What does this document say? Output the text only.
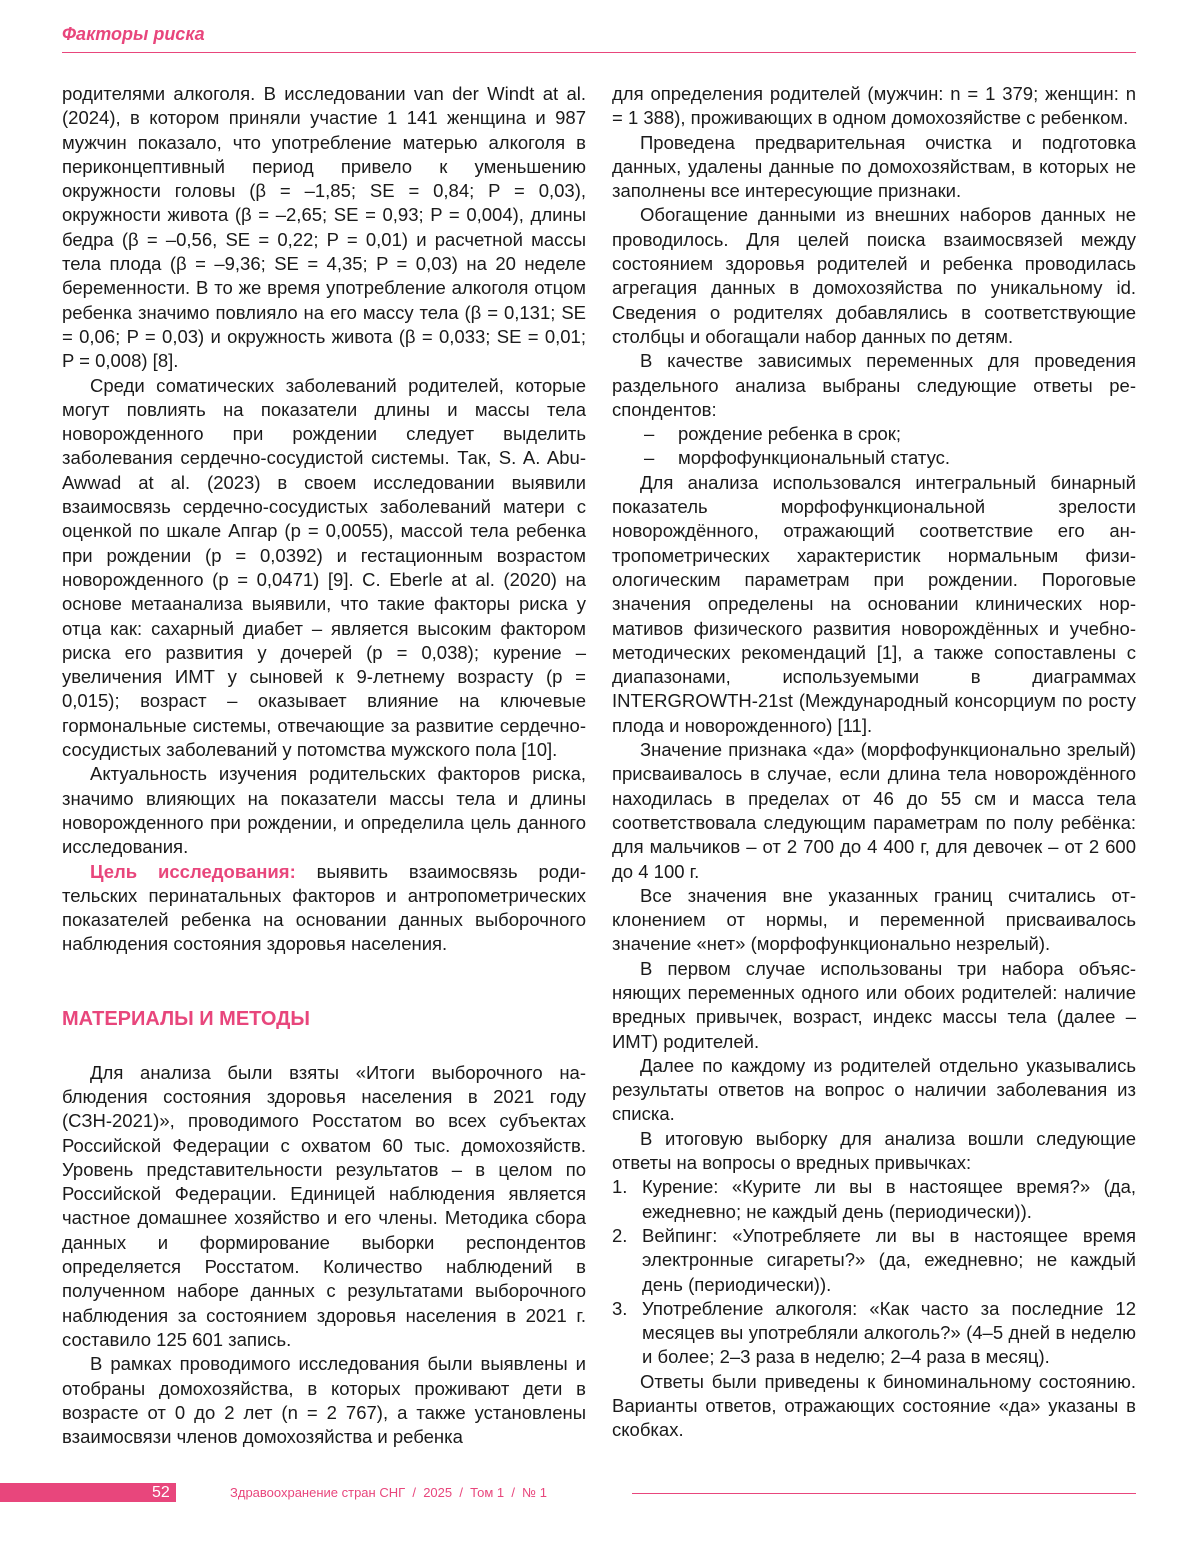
Факторы риска

родителями алкоголя. В исследовании van der Windt at al. (2024), в котором приняли участие 1 141 женщина и 987 мужчин показало, что употребление матерью алкоголя в периконцептивный период привело к уменьшению окружности головы (β = –1,85; SE = 0,84; P = 0,03), окружности живота (β = –2,65; SE = 0,93; P = 0,004), длины бедра (β = –0,56, SE = 0,22; P = 0,01) и расчетной массы тела плода (β = –9,36; SE = 4,35; P = 0,03) на 20 неделе беременности. В то же время употребление алкоголя отцом ребенка значимо повлияло на его массу тела (β = 0,131; SE = 0,06; P = 0,03) и окружность живота (β = 0,033; SE = 0,01; P = 0,008) [8].

Среди соматических заболеваний родителей, которые могут повлиять на показатели длины и массы тела новорожденного при рождении следует выделить заболевания сердечно-сосудистой системы. Так, S. A. Abu-Awwad at al. (2023) в своем исследовании выявили взаимосвязь сердечно-сосудистых заболеваний матери с оценкой по шкале Апгар (p = 0,0055), массой тела ребенка при рождении (p = 0,0392) и гестационным возрастом новорожденного (p = 0,0471) [9]. C. Eberle at al. (2020) на основе метаанализа выявили, что такие факторы риска у отца как: сахарный диабет – является высоким фактором риска его развития у дочерей (p = 0,038); курение – увеличения ИМТ у сыновей к 9-летнему возрасту (p = 0,015); возраст – оказывает влияние на ключевые гормональные системы, отвечающие за развитие сердечно-сосудистых заболеваний у потомства мужского пола [10].

Актуальность изучения родительских факторов риска, значимо влияющих на показатели массы тела и длины новорожденного при рождении, и определила цель данного исследования.

Цель исследования: выявить взаимосвязь родительских перинатальных факторов и антропометрических показателей ребенка на основании данных выборочного наблюдения состояния здоровья населения.

МАТЕРИАЛЫ И МЕТОДЫ

Для анализа были взяты «Итоги выборочного наблюдения состояния здоровья населения в 2021 году (СЗН-2021)», проводимого Росстатом во всех субъектах Российской Федерации с охватом 60 тыс. домохозяйств. Уровень представительности результатов – в целом по Российской Федерации. Единицей наблюдения является частное домашнее хозяйство и его члены. Методика сбора данных и формирование выборки респондентов определяется Росстатом. Количество наблюдений в полученном наборе данных с результатами выборочного наблюдения за состоянием здоровья населения в 2021 г. составило 125 601 запись.

В рамках проводимого исследования были выявлены и отобраны домохозяйства, в которых проживают дети в возрасте от 0 до 2 лет (n = 2 767), а также установлены взаимосвязи членов домохозяйства и ребенка

для определения родителей (мужчин: n = 1 379; женщин: n = 1 388), проживающих в одном домохозяйстве с ребенком.

Проведена предварительная очистка и подготовка данных, удалены данные по домохозяйствам, в которых не заполнены все интересующие признаки.

Обогащение данными из внешних наборов данных не проводилось. Для целей поиска взаимосвязей между состоянием здоровья родителей и ребенка проводилась агрегация данных в домохозяйства по уникальному id. Сведения о родителях добавлялись в соответствующие столбцы и обогащали набор данных по детям.

В качестве зависимых переменных для проведения раздельного анализа выбраны следующие ответы респондентов:

– рождение ребенка в срок;
– морфофункциональный статус.

Для анализа использовался интегральный бинарный показатель морфофункциональной зрелости новорождённого, отражающий соответствие его антропометрических характеристик нормальным физиологическим параметрам при рождении. Пороговые значения определены на основании клинических нормативов физического развития новорождённых и учебно-методических рекомендаций [1], а также сопоставлены с диапазонами, используемыми в диаграммах INTERGROWTH-21st (Международный консорциум по росту плода и новорожденного) [11].

Значение признака «да» (морфофункционально зрелый) присваивалось в случае, если длина тела новорождённого находилась в пределах от 46 до 55 см и масса тела соответствовала следующим параметрам по полу ребёнка: для мальчиков – от 2 700 до 4 400 г, для девочек – от 2 600 до 4 100 г.

Все значения вне указанных границ считались отклонением от нормы, и переменной присваивалось значение «нет» (морфофункционально незрелый).

В первом случае использованы три набора объясняющих переменных одного или обоих родителей: наличие вредных привычек, возраст, индекс массы тела (далее – ИМТ) родителей.

Далее по каждому из родителей отдельно указывались результаты ответов на вопрос о наличии заболевания из списка.

В итоговую выборку для анализа вошли следующие ответы на вопросы о вредных привычках:

1. Курение: «Курите ли вы в настоящее время?» (да, ежедневно; не каждый день (периодически)).
2. Вейпинг: «Употребляете ли вы в настоящее время электронные сигареты?» (да, ежедневно; не каждый день (периодически)).
3. Употребление алкоголя: «Как часто за последние 12 месяцев вы употребляли алкоголь?» (4–5 дней в неделю и более; 2–3 раза в неделю; 2–4 раза в месяц).

Ответы были приведены к биноминальному состоянию. Варианты ответов, отражающих состояние «да» указаны в скобках.

52	Здравоохранение стран СНГ  /  2025  /  Том 1  /  № 1
